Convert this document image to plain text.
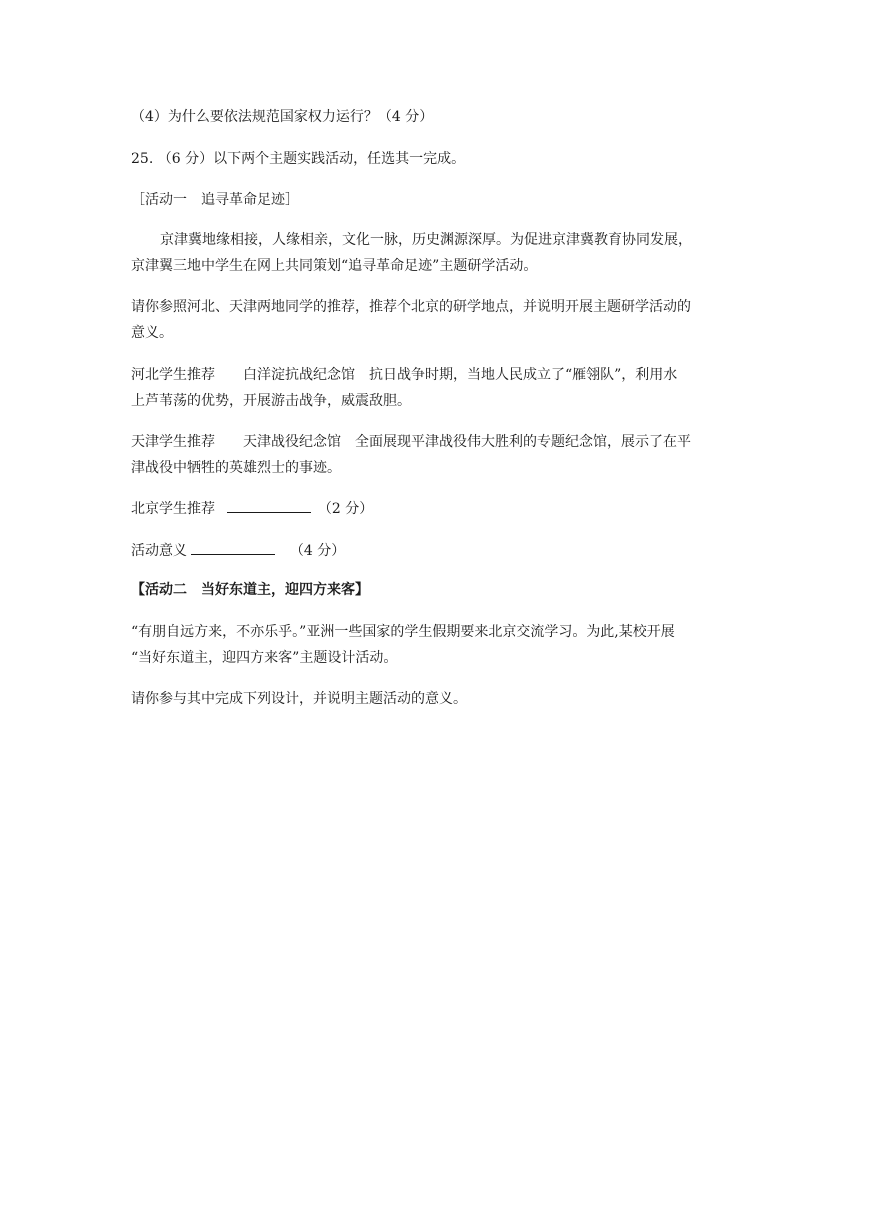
（4）为什么要依法规范国家权力运行？（4 分）
25. （6 分）以下两个主题实践活动，任选其一完成。
［活动一　追寻革命足迹］
京津冀地缘相接，人缘相亲，文化一脉，历史渊源深厚。为促进京津冀教育协同发展，
京津翼三地中学生在网上共同策划“追寻革命足迹”主题研学活动。
请你参照河北、天津两地同学的推荐，推荐个北京的研学地点，并说明开展主题研学活动的
意义。
河北学生推荐　　白洋淀抗战纪念馆　抗日战争时期，当地人民成立了“雁翎队”，利用水
上芦苇荡的优势，开展游击战争，威震敌胆。
天津学生推荐　　天津战役纪念馆　全面展现平津战役伟大胜利的专题纪念馆，展示了在平
津战役中牺牲的英雄烈士的事迹。
北京学生推荐	（2 分）
活动意义	（4 分）
【活动二　当好东道主，迎四方来客】
“有朋自远方来，不亦乐乎。”亚洲一些国家的学生假期要来北京交流学习。为此,某校开展
“当好东道主，迎四方来客”主题设计活动。
请你参与其中完成下列设计，并说明主题活动的意义。
